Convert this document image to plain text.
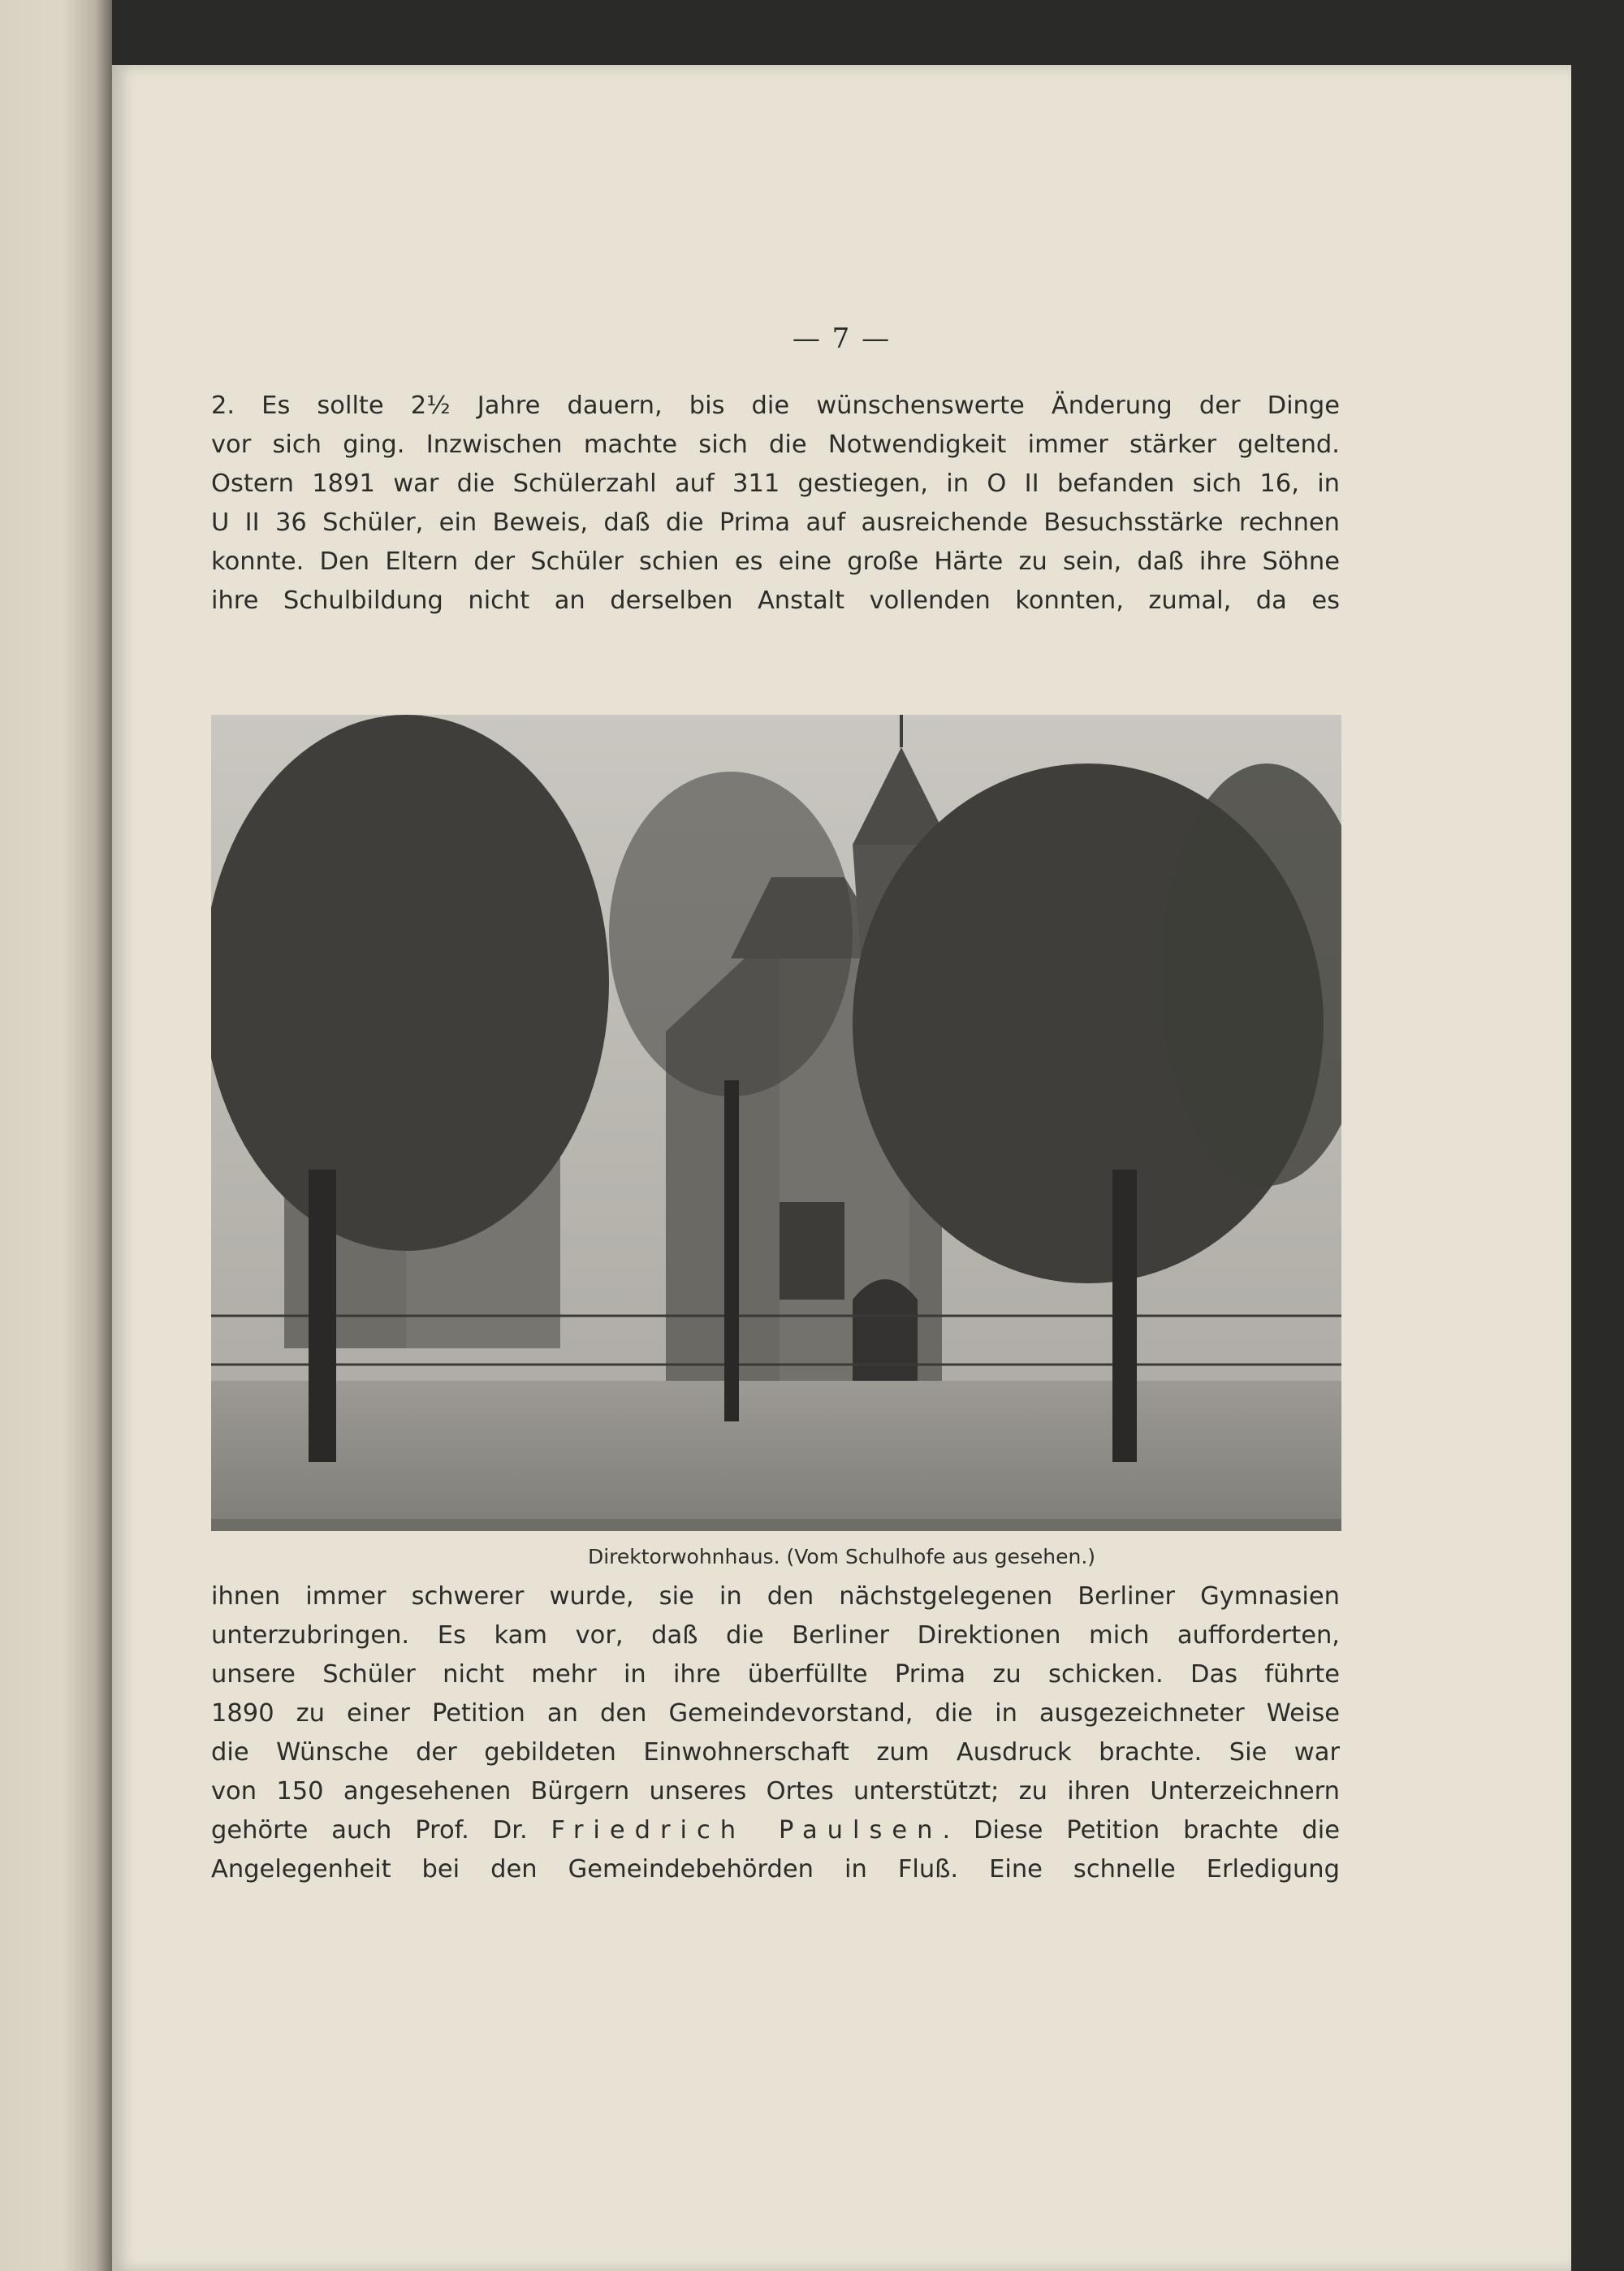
— 7 —
2. Es sollte 2½ Jahre dauern, bis die wünschenswerte Änderung der Dinge
vor sich ging. Inzwischen machte sich die Notwendigkeit immer stärker geltend.
Ostern 1891 war die Schülerzahl auf 311 gestiegen, in O II befanden sich 16, in
U II 36 Schüler, ein Beweis, daß die Prima auf ausreichende Besuchsstärke rechnen
konnte. Den Eltern der Schüler schien es eine große Härte zu sein, daß ihre Söhne
ihre Schulbildung nicht an derselben Anstalt vollenden konnten, zumal, da es
Direktorwohnhaus. (Vom Schulhofe aus gesehen.)
ihnen immer schwerer wurde, sie in den nächstgelegenen Berliner Gymnasien
unterzubringen. Es kam vor, daß die Berliner Direktionen mich aufforderten,
unsere Schüler nicht mehr in ihre überfüllte Prima zu schicken. Das führte
1890 zu einer Petition an den Gemeindevorstand, die in ausgezeichneter Weise
die Wünsche der gebildeten Einwohnerschaft zum Ausdruck brachte. Sie war
von 150 angesehenen Bürgern unseres Ortes unterstützt; zu ihren Unterzeichnern
gehörte auch Prof. Dr. Friedrich Paulsen. Diese Petition brachte die
Angelegenheit bei den Gemeindebehörden in Fluß. Eine schnelle Erledigung
